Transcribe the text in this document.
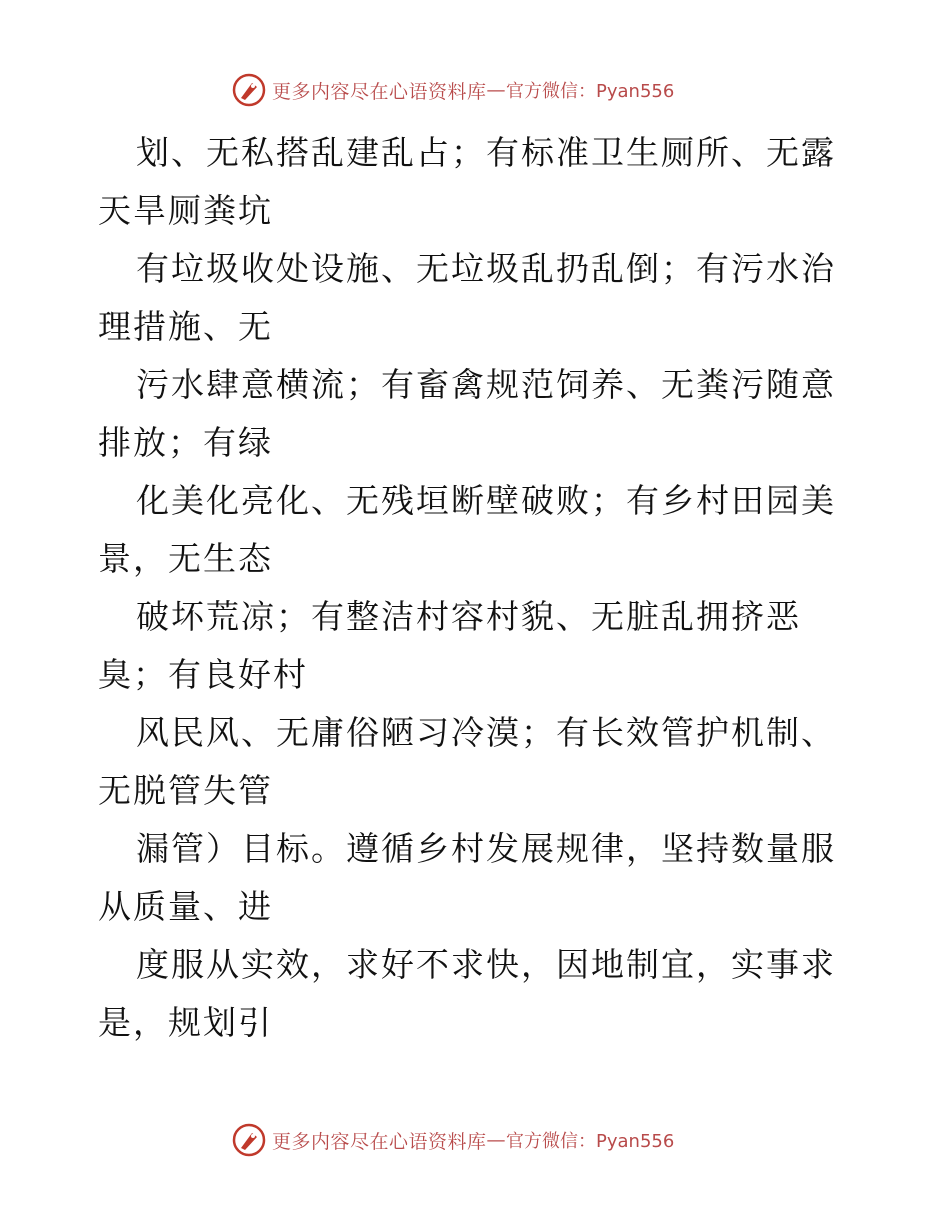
更多内容尽在心语资料库 — 官方微信：Pyan556

划、无私搭乱建乱占；有标准卫生厕所、无露天旱厕粪坑

有垃圾收处设施、无垃圾乱扔乱倒；有污水治理措施、无

污水肆意横流；有畜禽规范饲养、无粪污随意排放；有绿

化美化亮化、无残垣断壁破败；有乡村田园美景，无生态

破坏荒凉；有整洁村容村貌、无脏乱拥挤恶臭；有良好村

风民风、无庸俗陋习冷漠；有长效管护机制、无脱管失管

漏管）目标。遵循乡村发展规律，坚持数量服从质量、进

度服从实效，求好不求快，因地制宜，实事求是，规划引

更多内容尽在心语资料库 — 官方微信：Pyan556
